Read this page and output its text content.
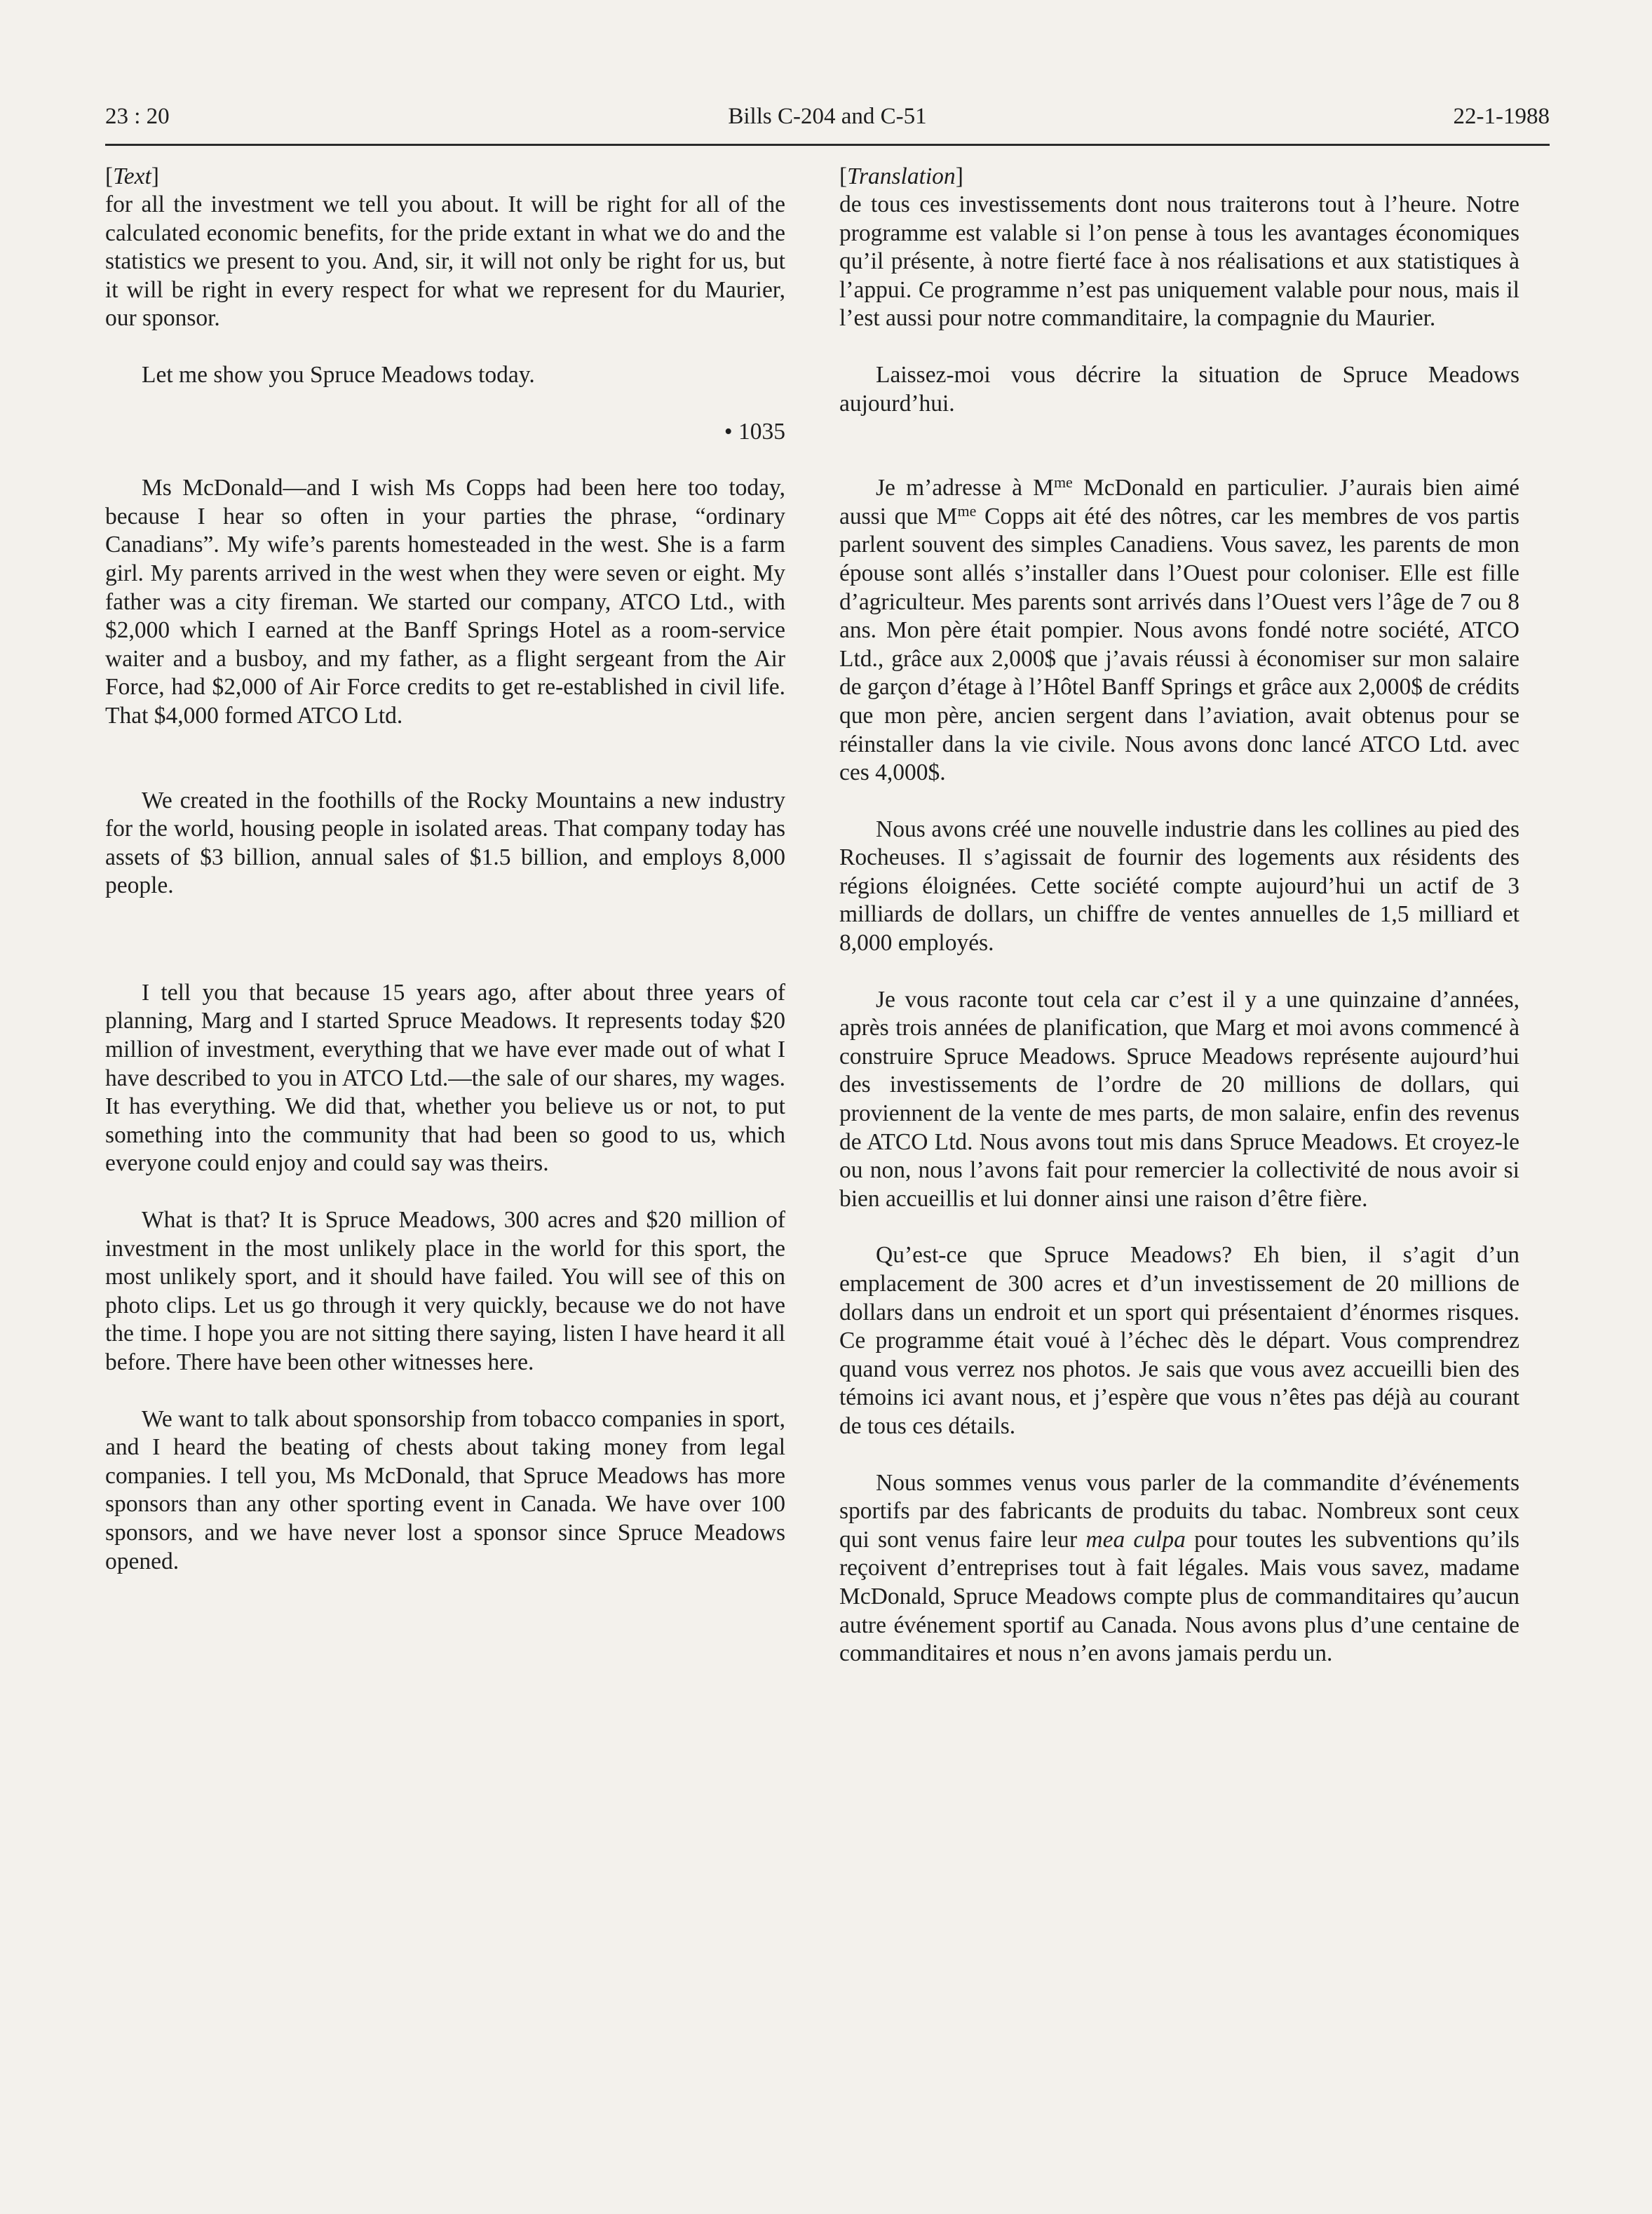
23 : 20	Bills C-204 and C-51	22-1-1988

[Text]

for all the investment we tell you about. It will be right for all of the calculated economic benefits, for the pride extant in what we do and the statistics we present to you. And, sir, it will not only be right for us, but it will be right in every respect for what we represent for du Maurier, our sponsor.

Let me show you Spruce Meadows today.

• 1035

Ms McDonald—and I wish Ms Copps had been here too today, because I hear so often in your parties the phrase, “ordinary Canadians”. My wife’s parents homesteaded in the west. She is a farm girl. My parents arrived in the west when they were seven or eight. My father was a city fireman. We started our company, ATCO Ltd., with $2,000 which I earned at the Banff Springs Hotel as a room-service waiter and a busboy, and my father, as a flight sergeant from the Air Force, had $2,000 of Air Force credits to get re-established in civil life. That $4,000 formed ATCO Ltd.

We created in the foothills of the Rocky Mountains a new industry for the world, housing people in isolated areas. That company today has assets of $3 billion, annual sales of $1.5 billion, and employs 8,000 people.

I tell you that because 15 years ago, after about three years of planning, Marg and I started Spruce Meadows. It represents today $20 million of investment, everything that we have ever made out of what I have described to you in ATCO Ltd.—the sale of our shares, my wages. It has everything. We did that, whether you believe us or not, to put something into the community that had been so good to us, which everyone could enjoy and could say was theirs.

What is that? It is Spruce Meadows, 300 acres and $20 million of investment in the most unlikely place in the world for this sport, the most unlikely sport, and it should have failed. You will see of this on photo clips. Let us go through it very quickly, because we do not have the time. I hope you are not sitting there saying, listen I have heard it all before. There have been other witnesses here.

We want to talk about sponsorship from tobacco companies in sport, and I heard the beating of chests about taking money from legal companies. I tell you, Ms McDonald, that Spruce Meadows has more sponsors than any other sporting event in Canada. We have over 100 sponsors, and we have never lost a sponsor since Spruce Meadows opened.

[Translation]

de tous ces investissements dont nous traiterons tout à l’heure. Notre programme est valable si l’on pense à tous les avantages économiques qu’il présente, à notre fierté face à nos réalisations et aux statistiques à l’appui. Ce programme n’est pas uniquement valable pour nous, mais il l’est aussi pour notre commanditaire, la compagnie du Maurier.

Laissez-moi vous décrire la situation de Spruce Meadows aujourd’hui.

Je m’adresse à $M^{me}$ McDonald en particulier. J’aurais bien aimé aussi que $M^{me}$ Copps ait été des nôtres, car les membres de vos partis parlent souvent des simples Canadiens. Vous savez, les parents de mon épouse sont allés s’installer dans l’Ouest pour coloniser. Elle est fille d’agriculteur. Mes parents sont arrivés dans l’Ouest vers l’âge de 7 ou 8 ans. Mon père était pompier. Nous avons fondé notre société, ATCO Ltd., grâce aux 2,000$ que j’avais réussi à économiser sur mon salaire de garçon d’étage à l’Hôtel Banff Springs et grâce aux 2,000$ de crédits que mon père, ancien sergent dans l’aviation, avait obtenus pour se réinstaller dans la vie civile. Nous avons donc lancé ATCO Ltd. avec ces 4,000$.

Nous avons créé une nouvelle industrie dans les collines au pied des Rocheuses. Il s’agissait de fournir des logements aux résidents des régions éloignées. Cette société compte aujourd’hui un actif de 3 milliards de dollars, un chiffre de ventes annuelles de 1,5 milliard et 8,000 employés.

Je vous raconte tout cela car c’est il y a une quinzaine d’années, après trois années de planification, que Marg et moi avons commencé à construire Spruce Meadows. Spruce Meadows représente aujourd’hui des investissements de l’ordre de 20 millions de dollars, qui proviennent de la vente de mes parts, de mon salaire, enfin des revenus de ATCO Ltd. Nous avons tout mis dans Spruce Meadows. Et croyez-le ou non, nous l’avons fait pour remercier la collectivité de nous avoir si bien accueillis et lui donner ainsi une raison d’être fière.

Qu’est-ce que Spruce Meadows? Eh bien, il s’agit d’un emplacement de 300 acres et d’un investissement de 20 millions de dollars dans un endroit et un sport qui présentaient d’énormes risques. Ce programme était voué à l’échec dès le départ. Vous comprendrez quand vous verrez nos photos. Je sais que vous avez accueilli bien des témoins ici avant nous, et j’espère que vous n’êtes pas déjà au courant de tous ces détails.

Nous sommes venus vous parler de la commandite d’événements sportifs par des fabricants de produits du tabac. Nombreux sont ceux qui sont venus faire leur mea culpa pour toutes les subventions qu’ils reçoivent d’entreprises tout à fait légales. Mais vous savez, madame McDonald, Spruce Meadows compte plus de commanditaires qu’aucun autre événement sportif au Canada. Nous avons plus d’une centaine de commanditaires et nous n’en avons jamais perdu un.
